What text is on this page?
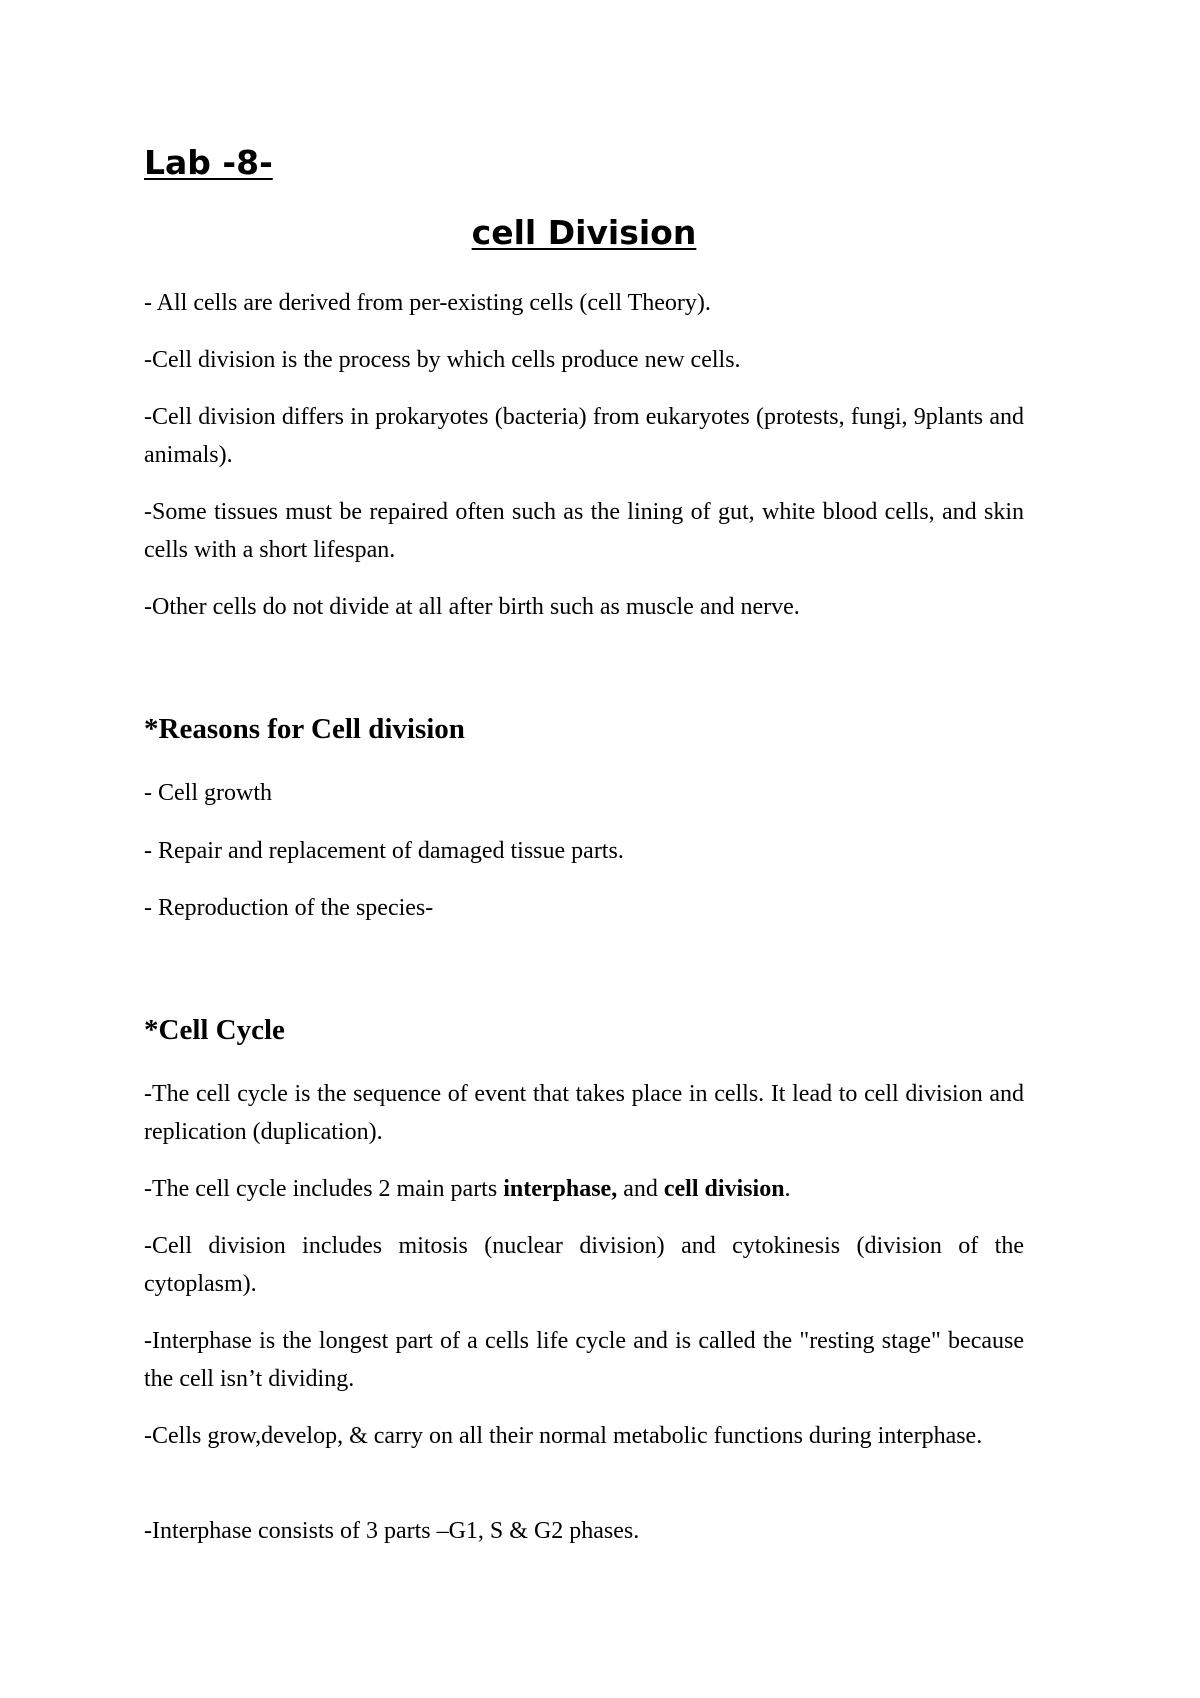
Lab -8-
cell Division

- All cells are derived from per-existing cells (cell Theory).

-Cell division is the process by which cells produce new cells.

-Cell division differs in prokaryotes (bacteria) from eukaryotes (protests, fungi, 9plants and animals).

-Some tissues must be repaired often such as the lining of gut, white blood cells, and skin cells with a short lifespan.

-Other cells do not divide at all after birth such as muscle and nerve.

*Reasons for Cell division

- Cell growth

- Repair and replacement of damaged tissue parts.

- Reproduction of the species-

*Cell Cycle

-The cell cycle is the sequence of event that takes place in cells. It lead to cell division and replication (duplication).

-The cell cycle includes 2 main parts interphase, and cell division.

-Cell division includes mitosis (nuclear division) and cytokinesis (division of the cytoplasm).

-Interphase is the longest part of a cells life cycle and is called the "resting stage" because the cell isn’t dividing.

-Cells grow,develop, & carry on all their normal metabolic functions during interphase.

-Interphase consists of 3 parts –G1, S & G2 phases.
